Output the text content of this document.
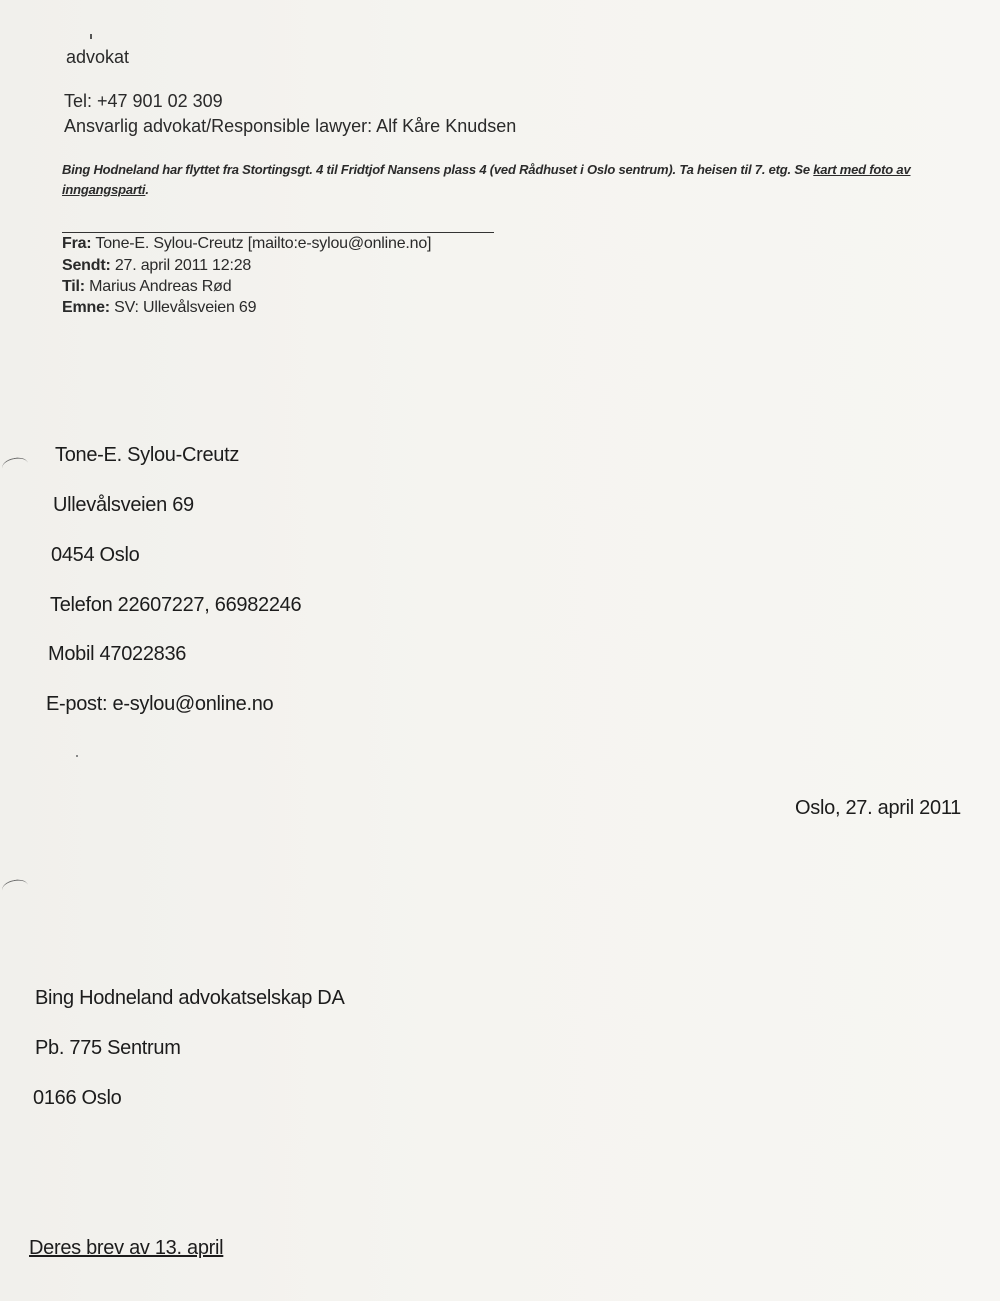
advokat
Tel: +47 901 02 309
Ansvarlig advokat/Responsible lawyer: Alf Kåre Knudsen
Bing Hodneland har flyttet fra Stortingsgt. 4 til Fridtjof Nansens plass 4 (ved Rådhuset i Oslo sentrum). Ta heisen til 7. etg. Se kart med foto av inngangsparti.
Fra: Tone-E. Sylou-Creutz [mailto:e-sylou@online.no]
Sendt: 27. april 2011 12:28
Til: Marius Andreas Rød
Emne: SV: Ullevålsveien 69
Tone-E. Sylou-Creutz
Ullevålsveien 69
0454 Oslo
Telefon 22607227, 66982246
Mobil 47022836
E-post: e-sylou@online.no
Oslo, 27. april 2011
Bing Hodneland advokatselskap DA
Pb. 775 Sentrum
0166 Oslo
Deres brev av 13. april
